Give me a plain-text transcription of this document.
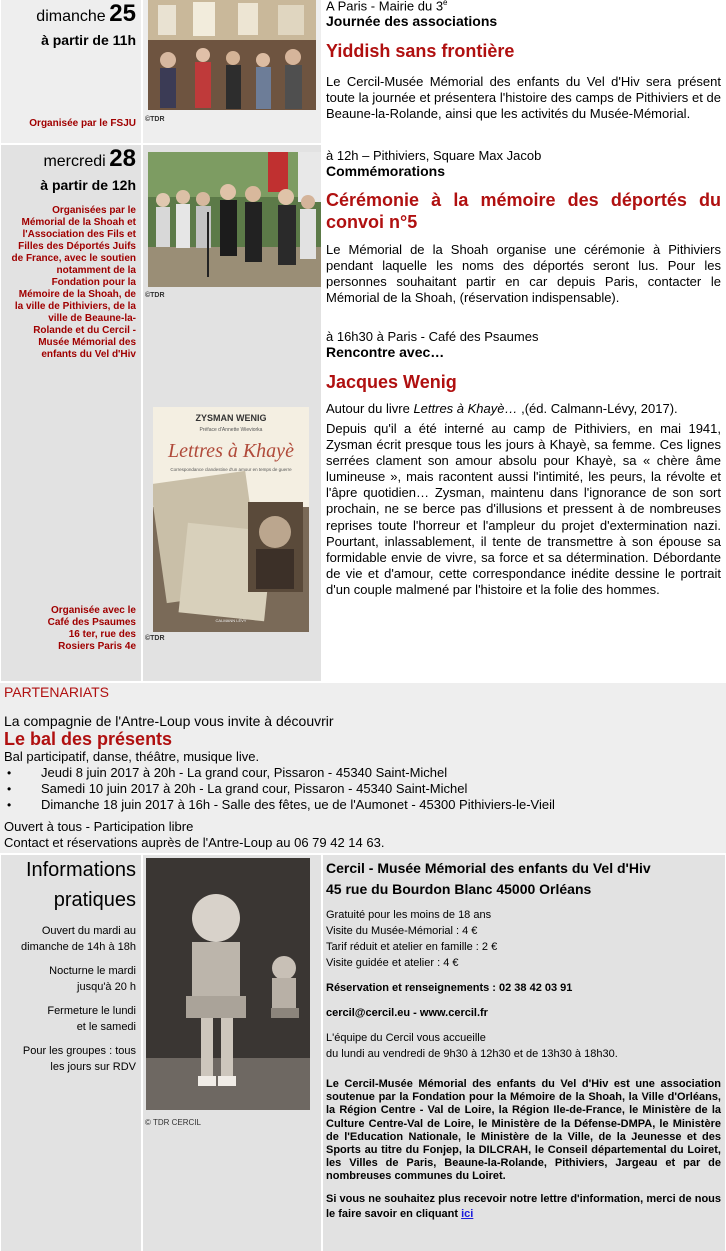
dimanche 25
à partir de 11h
Organisée par le FSJU ©TDR
A Paris - Mairie du 3e
Journée des associations
Yiddish sans frontière
Le Cercil-Musée Mémorial des enfants du Vel d'Hiv sera présent toute la journée et présentera l'histoire des camps de Pithiviers et de Beaune-la-Rolande, ainsi que les activités du Musée-Mémorial.
mercredi 28
à partir de 12h
Organisées par le Mémorial de la Shoah et l'Association des Fils et Filles des Déportés Juifs de France, avec le soutien notamment de la Fondation pour la Mémoire de la Shoah, de la ville de Pithiviers, de la ville de Beaune-la-Rolande et du Cercil - Musée Mémorial des enfants du Vel d'Hiv
Organisée avec le Café des Psaumes 16 ter, rue des Rosiers Paris 4e
©TDR
ZYSMAN WENIG
Préface d'Annette Wieviorka
Lettres à Khayè
Correspondance clandestine d'un amour en temps de guerre
CALMANN LÉVY
©TDR
à 12h – Pithiviers, Square Max Jacob
Commémorations
Cérémonie à la mémoire des déportés du convoi n°5
Le Mémorial de la Shoah organise une cérémonie à Pithiviers pendant laquelle les noms des déportés seront lus. Pour les personnes souhaitant partir en car depuis Paris, contacter le Mémorial de la Shoah, (réservation indispensable).
à 16h30 à Paris - Café des Psaumes
Rencontre avec…
Jacques Wenig
Autour du livre Lettres à Khayè… ,(éd. Calmann-Lévy, 2017).
Depuis qu'il a été interné au camp de Pithiviers, en mai 1941, Zysman écrit presque tous les jours à Khayè, sa femme. Ces lignes serrées clament son amour absolu pour Khayè, sa « chère âme lumineuse », mais racontent aussi l'intimité, les peurs, la révolte et l'âpre quotidien… Zysman, maintenu dans l'ignorance de son sort prochain, ne se berce pas d'illusions et pressent à de nombreuses reprises toute l'horreur et l'ampleur du projet d'extermination nazi. Pourtant, inlassablement, il tente de transmettre à son épouse sa formidable envie de vivre, sa force et sa détermination. Débordante de vie et d'amour, cette correspondance inédite dessine le portrait d'un couple malmené par l'histoire et la folie des hommes.
PARTENARIATS
La compagnie de l'Antre-Loup vous invite à découvrir
Le bal des présents
Bal participatif, danse, théâtre, musique live.
• Jeudi 8 juin 2017 à 20h - La grand cour, Pissaron - 45340 Saint-Michel
• Samedi 10 juin 2017 à 20h - La grand cour, Pissaron - 45340 Saint-Michel
• Dimanche 18 juin 2017 à 16h - Salle des fêtes, ue de l'Aumonet - 45300 Pithiviers-le-Vieil
Ouvert à tous - Participation libre
Contact et réservations auprès de l'Antre-Loup au 06 79 42 14 63.
Informations
pratiques
Ouvert du mardi au dimanche de 14h à 18h
Nocturne le mardi jusqu'à 20 h
Fermeture le lundi et le samedi
Pour les groupes : tous les jours sur RDV
© TDR CERCIL
Cercil - Musée Mémorial des enfants du Vel d'Hiv
45 rue du Bourdon Blanc 45000 Orléans
Gratuité pour les moins de 18 ans
Visite du Musée-Mémorial : 4 €
Tarif réduit et atelier en famille : 2 €
Visite guidée et atelier : 4 €
Réservation et renseignements : 02 38 42 03 91
cercil@cercil.eu - www.cercil.fr
L'équipe du Cercil vous accueille
du lundi au vendredi de 9h30 à 12h30 et de 13h30 à 18h30.
Le Cercil-Musée Mémorial des enfants du Vel d'Hiv est une association soutenue par la Fondation pour la Mémoire de la Shoah, la Ville d'Orléans, la Région Centre - Val de Loire, la Région Ile-de-France, le Ministère de la Culture Centre-Val de Loire, le Ministère de la Défense-DMPA, le Ministère de l'Education Nationale, le Ministère de la Ville, de la Jeunesse et des Sports au titre du Fonjep, la DILCRAH, le Conseil départemental du Loiret, les Villes de Paris, Beaune-la-Rolande, Pithiviers, Jargeau et par de nombreuses communes du Loiret.
Si vous ne souhaitez plus recevoir notre lettre d'information, merci de nous le faire savoir en cliquant ici
